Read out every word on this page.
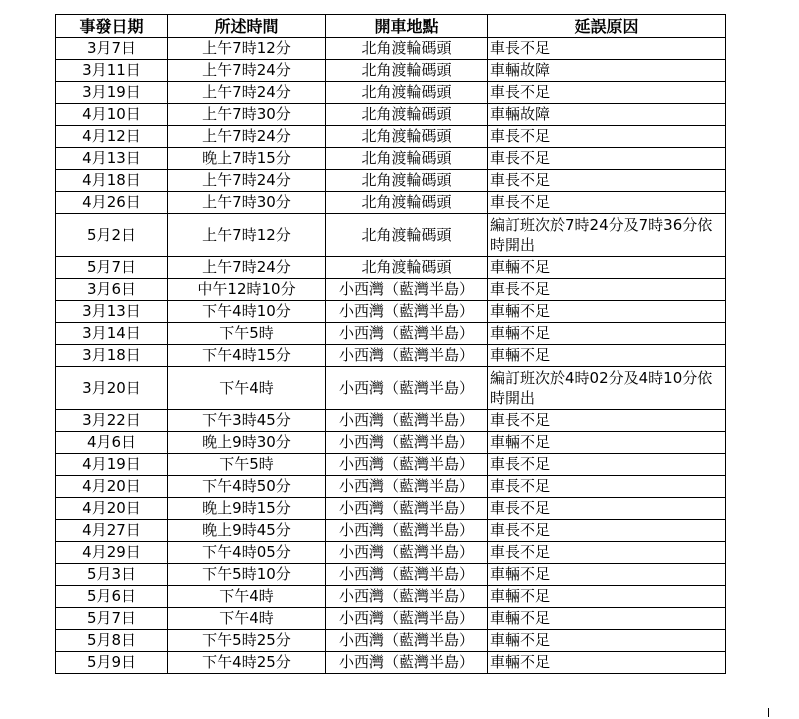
事發日期	所述時間	開車地點	延誤原因
3月7日	上午7時12分	北角渡輪碼頭	車長不足
3月11日	上午7時24分	北角渡輪碼頭	車輛故障
3月19日	上午7時24分	北角渡輪碼頭	車長不足
4月10日	上午7時30分	北角渡輪碼頭	車輛故障
4月12日	上午7時24分	北角渡輪碼頭	車長不足
4月13日	晚上7時15分	北角渡輪碼頭	車長不足
4月18日	上午7時24分	北角渡輪碼頭	車長不足
4月26日	上午7時30分	北角渡輪碼頭	車長不足
5月2日	上午7時12分	北角渡輪碼頭	編訂班次於7時24分及7時36分依時開出
5月7日	上午7時24分	北角渡輪碼頭	車輛不足
3月6日	中午12時10分	小西灣（藍灣半島）	車長不足
3月13日	下午4時10分	小西灣（藍灣半島）	車輛不足
3月14日	下午5時	小西灣（藍灣半島）	車輛不足
3月18日	下午4時15分	小西灣（藍灣半島）	車輛不足
3月20日	下午4時	小西灣（藍灣半島）	編訂班次於4時02分及4時10分依時開出
3月22日	下午3時45分	小西灣（藍灣半島）	車長不足
4月6日	晚上9時30分	小西灣（藍灣半島）	車輛不足
4月19日	下午5時	小西灣（藍灣半島）	車長不足
4月20日	下午4時50分	小西灣（藍灣半島）	車長不足
4月20日	晚上9時15分	小西灣（藍灣半島）	車長不足
4月27日	晚上9時45分	小西灣（藍灣半島）	車長不足
4月29日	下午4時05分	小西灣（藍灣半島）	車長不足
5月3日	下午5時10分	小西灣（藍灣半島）	車輛不足
5月6日	下午4時	小西灣（藍灣半島）	車輛不足
5月7日	下午4時	小西灣（藍灣半島）	車輛不足
5月8日	下午5時25分	小西灣（藍灣半島）	車輛不足
5月9日	下午4時25分	小西灣（藍灣半島）	車輛不足
